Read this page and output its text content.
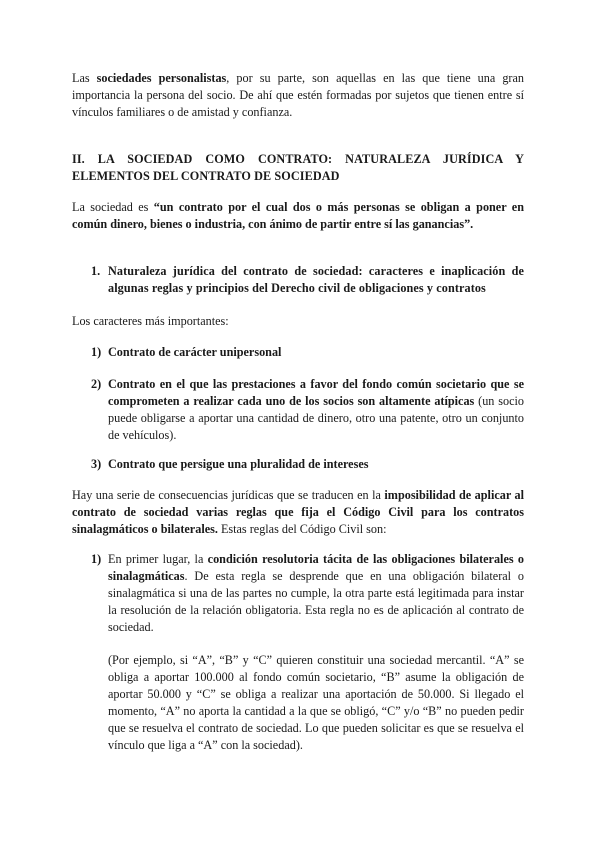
Las sociedades personalistas, por su parte, son aquellas en las que tiene una gran importancia la persona del socio. De ahí que estén formadas por sujetos que tienen entre sí vínculos familiares o de amistad y confianza.

II. LA SOCIEDAD COMO CONTRATO: NATURALEZA JURÍDICA Y ELEMENTOS DEL CONTRATO DE SOCIEDAD

La sociedad es “un contrato por el cual dos o más personas se obligan a poner en común dinero, bienes o industria, con ánimo de partir entre sí las ganancias”.

1. Naturaleza jurídica del contrato de sociedad: caracteres e inaplicación de algunas reglas y principios del Derecho civil de obligaciones y contratos

Los caracteres más importantes:

1) Contrato de carácter unipersonal

2) Contrato en el que las prestaciones a favor del fondo común societario que se comprometen a realizar cada uno de los socios son altamente atípicas (un socio puede obligarse a aportar una cantidad de dinero, otro una patente, otro un conjunto de vehículos).

3) Contrato que persigue una pluralidad de intereses

Hay una serie de consecuencias jurídicas que se traducen en la imposibilidad de aplicar al contrato de sociedad varias reglas que fija el Código Civil para los contratos sinalagmáticos o bilaterales. Estas reglas del Código Civil son:

1) En primer lugar, la condición resolutoria tácita de las obligaciones bilaterales o sinalagmáticas. De esta regla se desprende que en una obligación bilateral o sinalagmática si una de las partes no cumple, la otra parte está legitimada para instar la resolución de la relación obligatoria. Esta regla no es de aplicación al contrato de sociedad.

(Por ejemplo, si “A”, “B” y “C” quieren constituir una sociedad mercantil. “A” se obliga a aportar 100.000 al fondo común societario, “B” asume la obligación de aportar 50.000 y “C” se obliga a realizar una aportación de 50.000. Si llegado el momento, “A” no aporta la cantidad a la que se obligó, “C” y/o “B” no pueden pedir que se resuelva el contrato de sociedad. Lo que pueden solicitar es que se resuelva el vínculo que liga a “A” con la sociedad).
